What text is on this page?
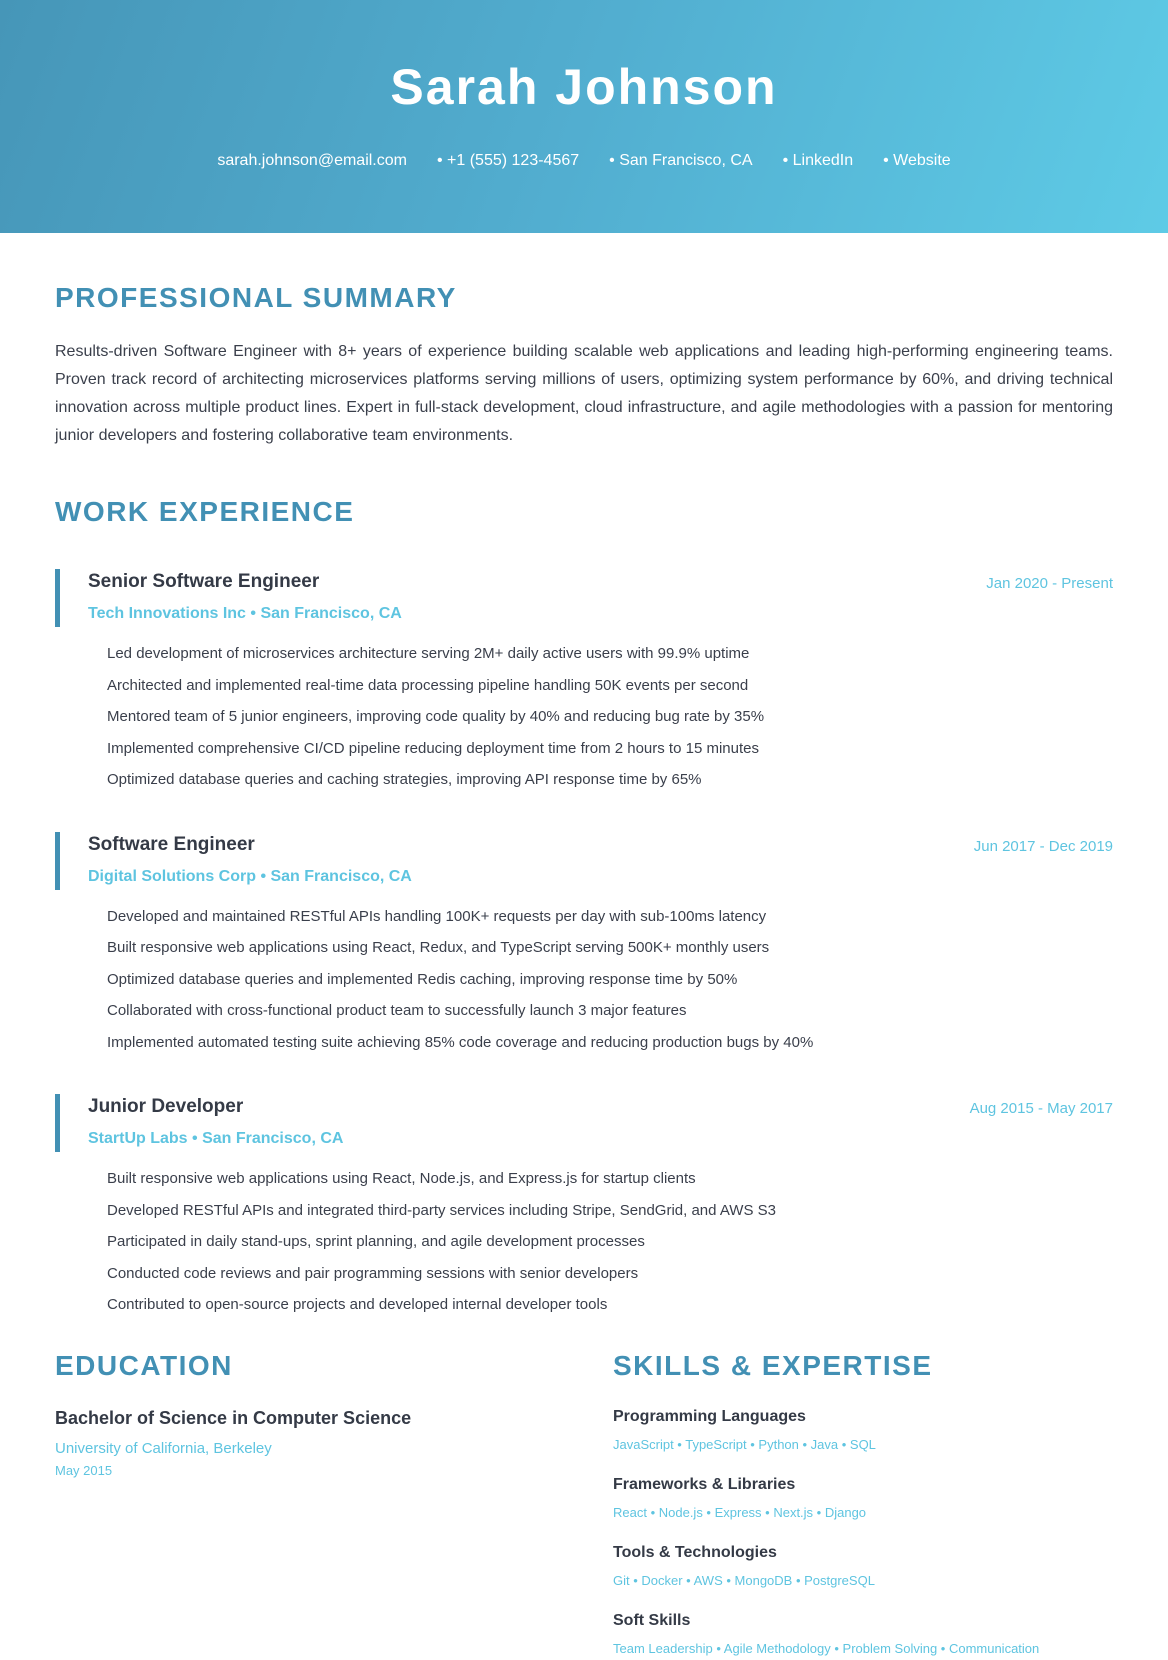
Sarah Johnson
sarah.johnson@email.com • +1 (555) 123-4567 • San Francisco, CA • LinkedIn • Website
PROFESSIONAL SUMMARY

Results-driven Software Engineer with 8+ years of experience building scalable web applications and leading high-performing engineering teams. Proven track record of architecting microservices platforms serving millions of users, optimizing system performance by 60%, and driving technical innovation across multiple product lines. Expert in full-stack development, cloud infrastructure, and agile methodologies with a passion for mentoring junior developers and fostering collaborative team environments.

WORK EXPERIENCE
Senior Software Engineer
Tech Innovations Inc • San Francisco, CA
Jan 2020 - Present
Led development of microservices architecture serving 2M+ daily active users with 99.9% uptime
Architected and implemented real-time data processing pipeline handling 50K events per second
Mentored team of 5 junior engineers, improving code quality by 40% and reducing bug rate by 35%
Implemented comprehensive CI/CD pipeline reducing deployment time from 2 hours to 15 minutes
Optimized database queries and caching strategies, improving API response time by 65%
Software Engineer
Digital Solutions Corp • San Francisco, CA
Jun 2017 - Dec 2019
Developed and maintained RESTful APIs handling 100K+ requests per day with sub-100ms latency
Built responsive web applications using React, Redux, and TypeScript serving 500K+ monthly users
Optimized database queries and implemented Redis caching, improving response time by 50%
Collaborated with cross-functional product team to successfully launch 3 major features
Implemented automated testing suite achieving 85% code coverage and reducing production bugs by 40%
Junior Developer
StartUp Labs • San Francisco, CA
Aug 2015 - May 2017
Built responsive web applications using React, Node.js, and Express.js for startup clients
Developed RESTful APIs and integrated third-party services including Stripe, SendGrid, and AWS S3
Participated in daily stand-ups, sprint planning, and agile development processes
Conducted code reviews and pair programming sessions with senior developers
Contributed to open-source projects and developed internal developer tools
EDUCATION
Bachelor of Science in Computer Science
University of California, Berkeley
May 2015
SKILLS & EXPERTISE
Programming Languages
JavaScript • TypeScript • Python • Java • SQL
Frameworks & Libraries
React • Node.js • Express • Next.js • Django
Tools & Technologies
Git • Docker • AWS • MongoDB • PostgreSQL
Soft Skills
Team Leadership • Agile Methodology • Problem Solving • Communication
